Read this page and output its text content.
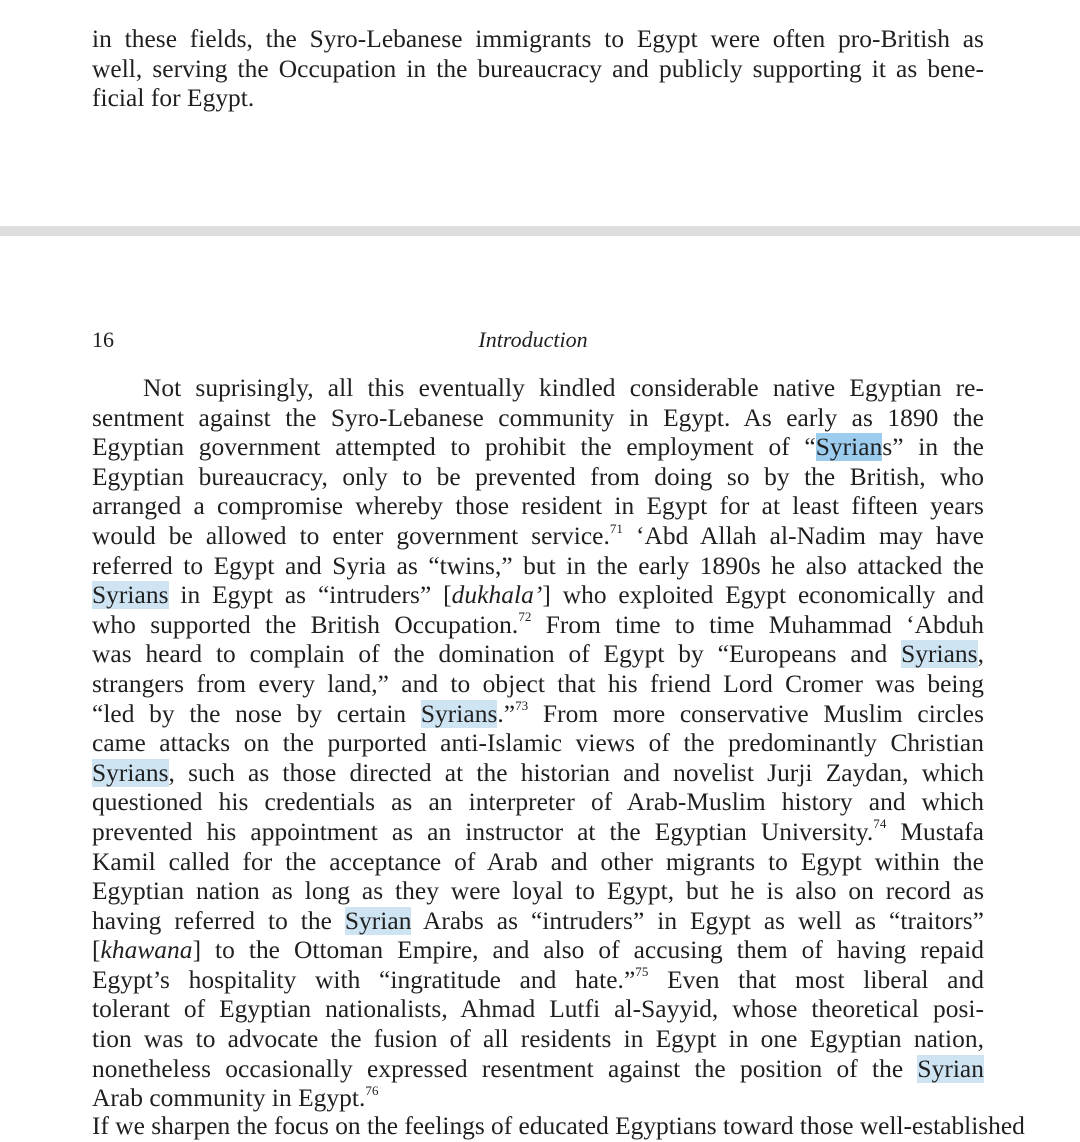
in these fields, the Syro-Lebanese immigrants to Egypt were often pro-British as
well, serving the Occupation in the bureaucracy and publicly supporting it as bene-
ficial for Egypt.
16	Introduction
Not suprisingly, all this eventually kindled considerable native Egyptian re-
sentment against the Syro-Lebanese community in Egypt. As early as 1890 the
Egyptian government attempted to prohibit the employment of “Syrians” in the
Egyptian bureaucracy, only to be prevented from doing so by the British, who
arranged a compromise whereby those resident in Egypt for at least fifteen years
would be allowed to enter government service.$^{71}$ ‘Abd Allah al-Nadim may have
referred to Egypt and Syria as “twins,” but in the early 1890s he also attacked the
Syrians in Egypt as “intruders” [dukhala’] who exploited Egypt economically and
who supported the British Occupation.$^{72}$ From time to time Muhammad ‘Abduh
was heard to complain of the domination of Egypt by “Europeans and Syrians,
strangers from every land,” and to object that his friend Lord Cromer was being
“led by the nose by certain Syrians.”$^{73}$ From more conservative Muslim circles
came attacks on the purported anti-Islamic views of the predominantly Christian
Syrians, such as those directed at the historian and novelist Jurji Zaydan, which
questioned his credentials as an interpreter of Arab-Muslim history and which
prevented his appointment as an instructor at the Egyptian University.$^{74}$ Mustafa
Kamil called for the acceptance of Arab and other migrants to Egypt within the
Egyptian nation as long as they were loyal to Egypt, but he is also on record as
having referred to the Syrian Arabs as “intruders” in Egypt as well as “traitors”
[khawana] to the Ottoman Empire, and also of accusing them of having repaid
Egypt’s hospitality with “ingratitude and hate.”$^{75}$ Even that most liberal and
tolerant of Egyptian nationalists, Ahmad Lutfi al-Sayyid, whose theoretical posi-
tion was to advocate the fusion of all residents in Egypt in one Egyptian nation,
nonetheless occasionally expressed resentment against the position of the Syrian
Arab community in Egypt.$^{76}$
If we sharpen the focus on the feelings of educated Egyptians toward those well-established
